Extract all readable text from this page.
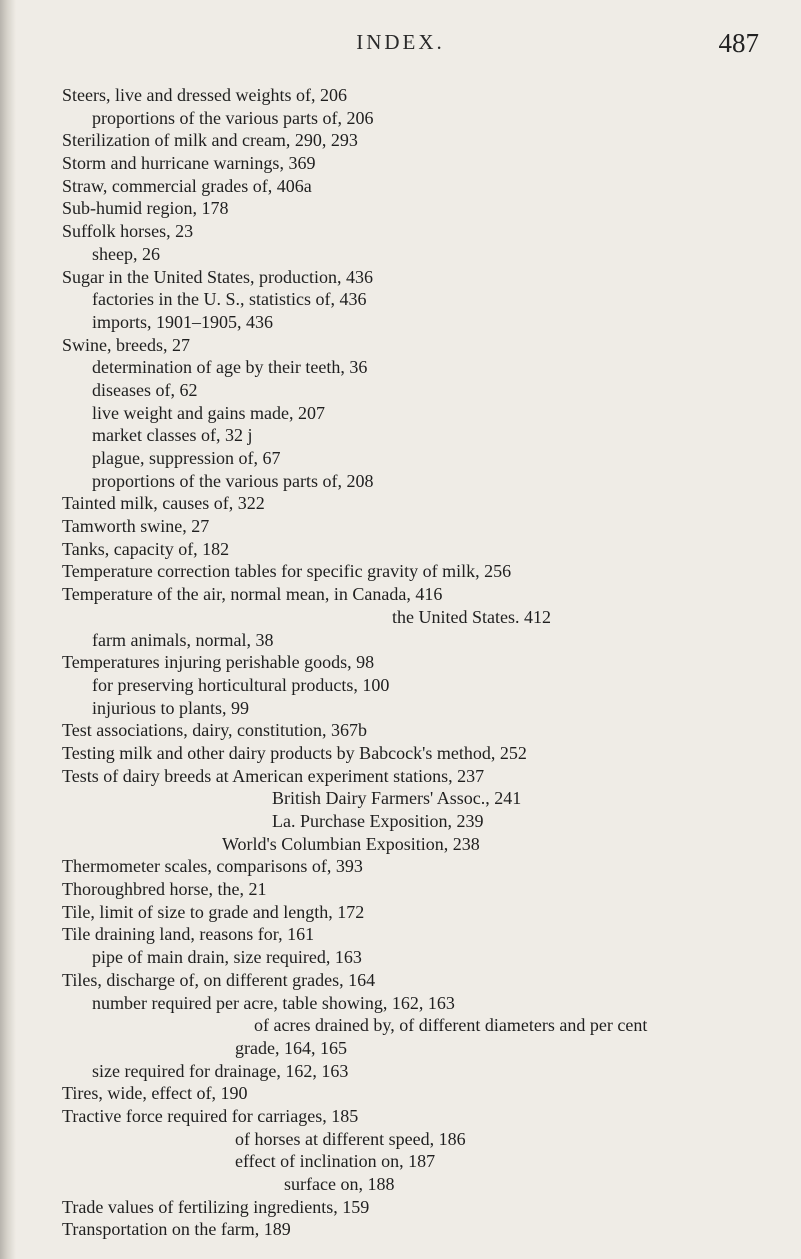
INDEX.	487
Steers, live and dressed weights of, 206
proportions of the various parts of, 206
Sterilization of milk and cream, 290, 293
Storm and hurricane warnings, 369
Straw, commercial grades of, 406a
Sub-humid region, 178
Suffolk horses, 23
sheep, 26
Sugar in the United States, production, 436
factories in the U. S., statistics of, 436
imports, 1901–1905, 436
Swine, breeds, 27
determination of age by their teeth, 36
diseases of, 62
live weight and gains made, 207
market classes of, 32 j
plague, suppression of, 67
proportions of the various parts of, 208
Tainted milk, causes of, 322
Tamworth swine, 27
Tanks, capacity of, 182
Temperature correction tables for specific gravity of milk, 256
Temperature of the air, normal mean, in Canada, 416
the United States. 412
farm animals, normal, 38
Temperatures injuring perishable goods, 98
for preserving horticultural products, 100
injurious to plants, 99
Test associations, dairy, constitution, 367b
Testing milk and other dairy products by Babcock's method, 252
Tests of dairy breeds at American experiment stations, 237
British Dairy Farmers' Assoc., 241
La. Purchase Exposition, 239
World's Columbian Exposition, 238
Thermometer scales, comparisons of, 393
Thoroughbred horse, the, 21
Tile, limit of size to grade and length, 172
Tile draining land, reasons for, 161
pipe of main drain, size required, 163
Tiles, discharge of, on different grades, 164
number required per acre, table showing, 162, 163
of acres drained by, of different diameters and per cent
grade, 164, 165
size required for drainage, 162, 163
Tires, wide, effect of, 190
Tractive force required for carriages, 185
of horses at different speed, 186
effect of inclination on, 187
surface on, 188
Trade values of fertilizing ingredients, 159
Transportation on the farm, 189
